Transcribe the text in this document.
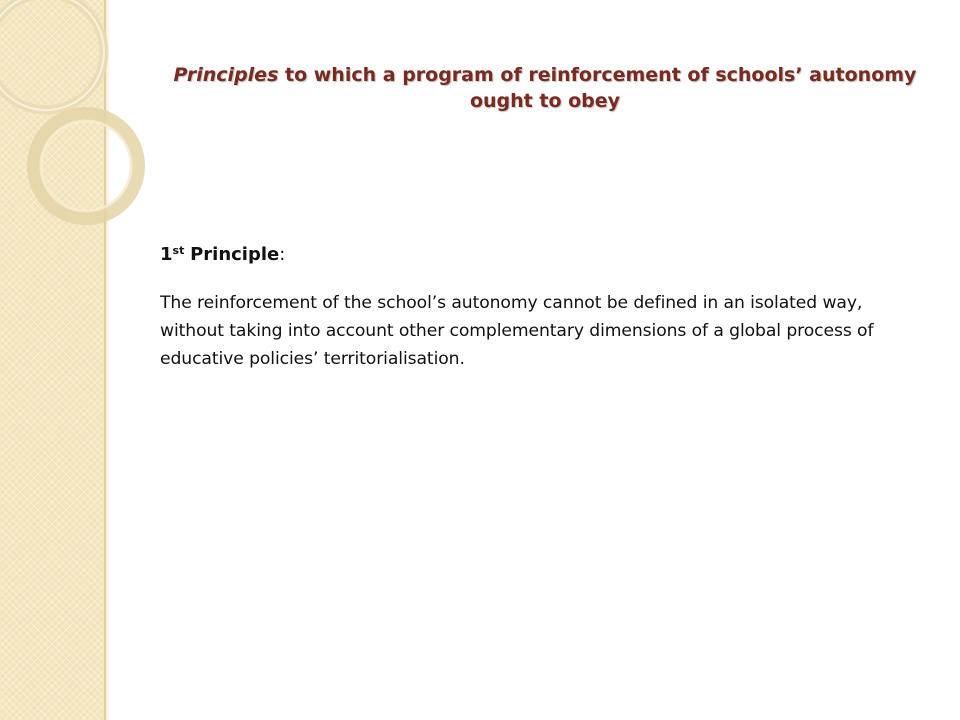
Principles to which a program of reinforcement of schools’ autonomy ought to obey

1st Principle:

The reinforcement of the school’s autonomy cannot be defined in an isolated way, without taking into account other complementary dimensions of a global process of educative policies’ territorialisation.
